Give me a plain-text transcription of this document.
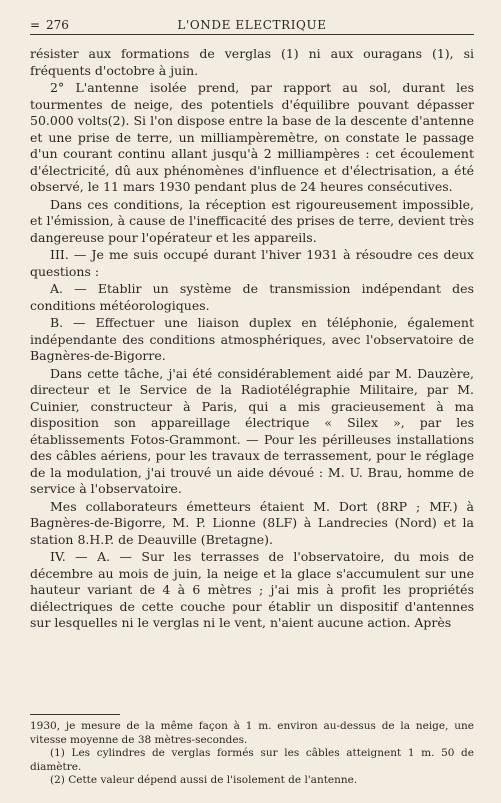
= 276	L'ONDE ELECTRIQUE

résister aux formations de verglas (1) ni aux ouragans (1), si fréquents d'octobre à juin.

2° L'antenne isolée prend, par rapport au sol, durant les tourmentes de neige, des potentiels d'équilibre pouvant dépasser 50.000 volts(2). Si l'on dispose entre la base de la descente d'antenne et une prise de terre, un milliampèremètre, on constate le passage d'un courant continu allant jusqu'à 2 milliampères : cet écoulement d'électricité, dû aux phénomènes d'influence et d'électrisation, a été observé, le 11 mars 1930 pendant plus de 24 heures consécutives.

Dans ces conditions, la réception est rigoureusement impossible, et l'émission, à cause de l'inefficacité des prises de terre, devient très dangereuse pour l'opérateur et les appareils.

III. — Je me suis occupé durant l'hiver 1931 à résoudre ces deux questions :

A. — Etablir un système de transmission indépendant des conditions météorologiques.

B. — Effectuer une liaison duplex en téléphonie, également indépendante des conditions atmosphériques, avec l'observatoire de Bagnères-de-Bigorre.

Dans cette tâche, j'ai été considérablement aidé par M. Dauzère, directeur et le Service de la Radiotélégraphie Militaire, par M. Cuinier, constructeur à Paris, qui a mis gracieusement à ma disposition son appareillage électrique « Silex », par les établissements Fotos-Grammont. — Pour les périlleuses installations des câbles aériens, pour les travaux de terrassement, pour le réglage de la modulation, j'ai trouvé un aide dévoué : M. U. Brau, homme de service à l'observatoire.

Mes collaborateurs émetteurs étaient M. Dort (8RP ; MF.) à Bagnères-de-Bigorre, M. P. Lionne (8LF) à Landrecies (Nord) et la station 8.H.P. de Deauville (Bretagne).

IV. — A. — Sur les terrasses de l'observatoire, du mois de décembre au mois de juin, la neige et la glace s'accumulent sur une hauteur variant de 4 à 6 mètres ; j'ai mis à profit les propriétés diélectriques de cette couche pour établir un dispositif d'antennes sur lesquelles ni le verglas ni le vent, n'aient aucune action. Après

1930, je mesure de la même façon à 1 m. environ au-dessus de la neige, une vitesse moyenne de 38 mètres-secondes.

(1) Les cylindres de verglas formés sur les câbles atteignent 1 m. 50 de diamètre.

(2) Cette valeur dépend aussi de l'isolement de l'antenne.
